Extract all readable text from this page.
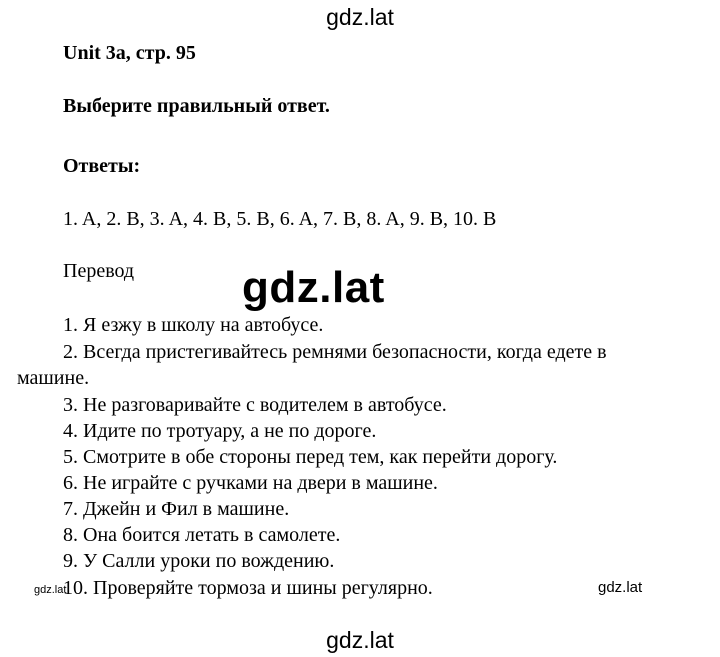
gdz.lat
Unit 3a, стр. 95
Выберите правильный ответ.
Ответы:
1. A, 2. B, 3. A, 4. B, 5. B, 6. A, 7. B, 8. A, 9. B, 10. B
Перевод gdz.lat
1. Я езжу в школу на автобусе.
2. Всегда пристегивайтесь ремнями безопасности, когда едете в
машине.
3. Не разговаривайте с водителем в автобусе.
4. Идите по тротуару, а не по дороге.
5. Смотрите в обе стороны перед тем, как перейти дорогу.
6. Не играйте с ручками на двери в машине.
7. Джейн и Фил в машине.
8. Она боится летать в самолете.
9. У Салли уроки по вождению.
10. Проверяйте тормоза и шины регулярно.
gdz.lat	gdz.lat
gdz.lat
